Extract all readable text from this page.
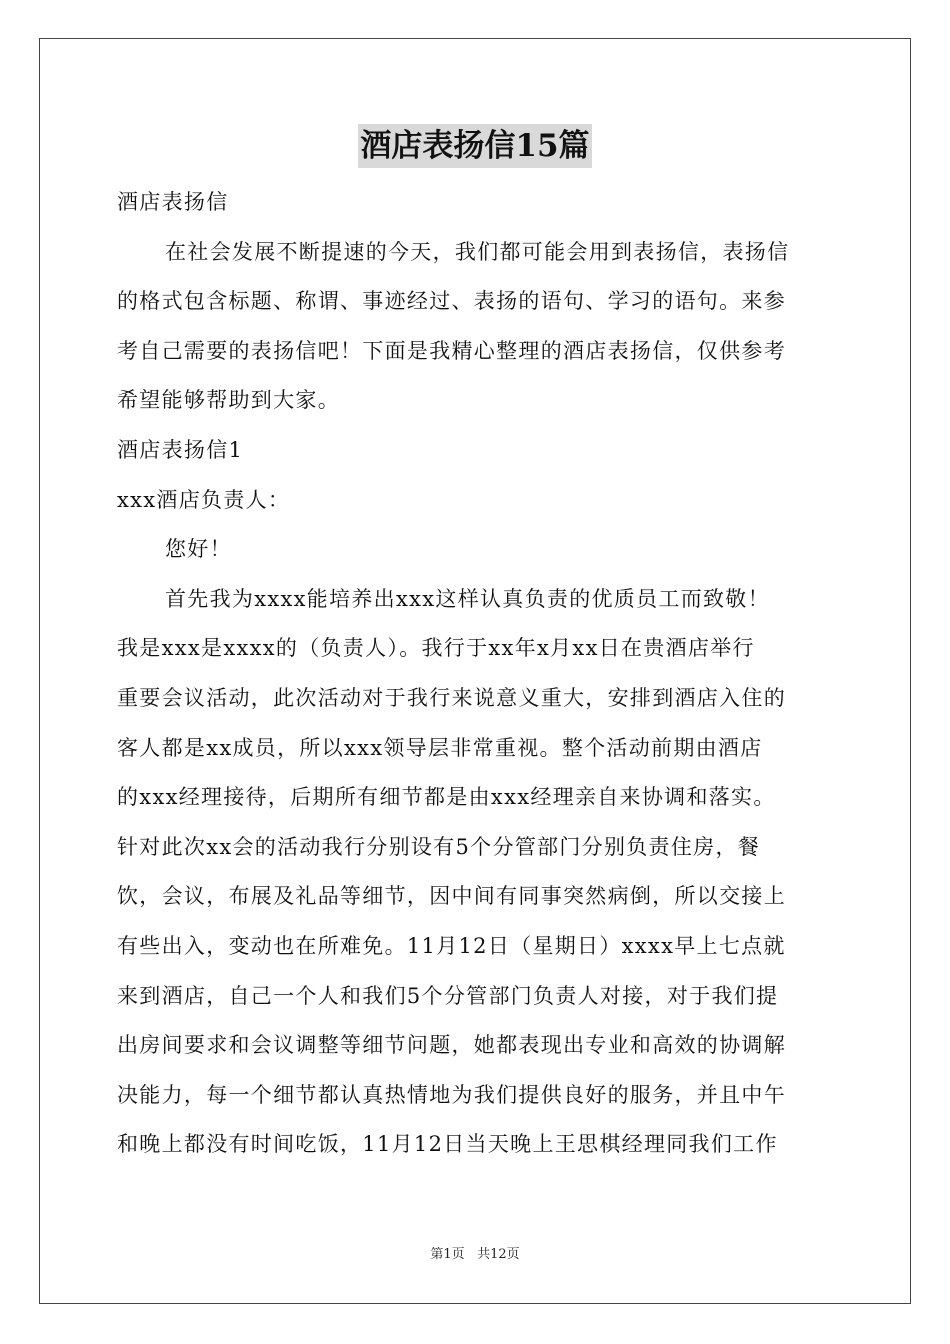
酒店表扬信15篇
酒店表扬信
在社会发展不断提速的今天，我们都可能会用到表扬信，表扬信
的格式包含标题、称谓、事迹经过、表扬的语句、学习的语句。来参
考自己需要的表扬信吧！下面是我精心整理的酒店表扬信，仅供参考
希望能够帮助到大家。
酒店表扬信1
xxx酒店负责人：
您好！
首先我为xxxx能培养出xxx这样认真负责的优质员工而致敬！
我是xxx是xxxx的（负责人）。我行于xx年x月xx日在贵酒店举行
重要会议活动，此次活动对于我行来说意义重大，安排到酒店入住的
客人都是xx成员，所以xxx领导层非常重视。整个活动前期由酒店
的xxx经理接待，后期所有细节都是由xxx经理亲自来协调和落实。
针对此次xx会的活动我行分别设有5个分管部门分别负责住房，餐
饮，会议，布展及礼品等细节，因中间有同事突然病倒，所以交接上
有些出入，变动也在所难免。11月12日（星期日）xxxx早上七点就
来到酒店，自己一个人和我们5个分管部门负责人对接，对于我们提
出房间要求和会议调整等细节问题，她都表现出专业和高效的协调解
决能力，每一个细节都认真热情地为我们提供良好的服务，并且中午
和晚上都没有时间吃饭，11月12日当天晚上王思棋经理同我们工作
第1页 共12页
